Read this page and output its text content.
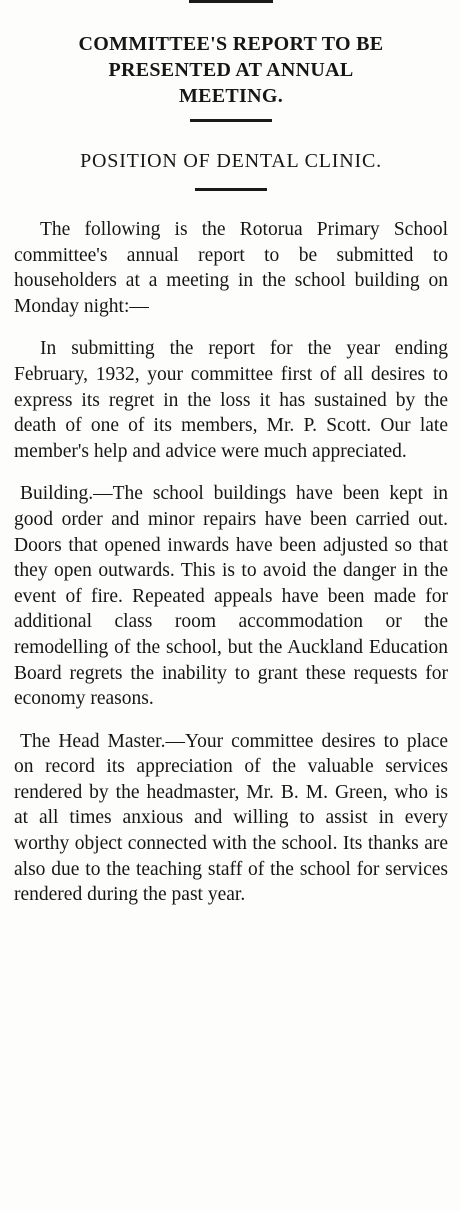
COMMITTEE'S REPORT TO BE
PRESENTED AT ANNUAL
MEETING.
POSITION OF DENTAL CLINIC.

The following is the Rotorua Primary School committee's annual report to be submitted to householders at a meeting in the school building on Monday night:—

In submitting the report for the year ending February, 1932, your committee first of all desires to express its regret in the loss it has sustained by the death of one of its members, Mr. P. Scott. Our late member's help and advice were much appreciated.

Building.—The school buildings have been kept in good order and minor repairs have been carried out. Doors that opened inwards have been adjusted so that they open outwards. This is to avoid the danger in the event of fire. Repeated appeals have been made for additional class room accommodation or the remodelling of the school, but the Auckland Education Board regrets the inability to grant these requests for economy reasons.

The Head Master.—Your committee desires to place on record its appreciation of the valuable services rendered by the headmaster, Mr. B. M. Green, who is at all times anxious and willing to assist in every worthy object connected with the school. Its thanks are also due to the teaching staff of the school for services rendered during the past year.
